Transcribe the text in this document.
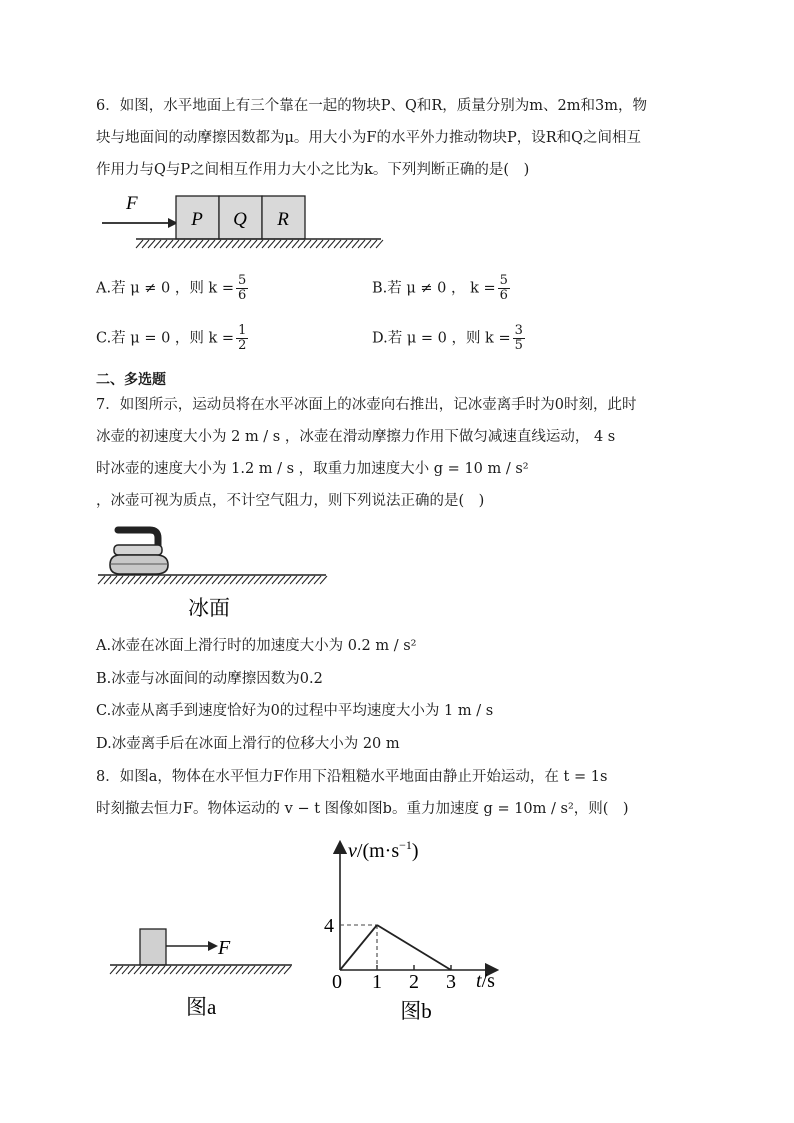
6．如图，水平地面上有三个靠在一起的物块P、Q和R，质量分别为m、2m和3m，物
块与地面间的动摩擦因数都为μ。用大小为F的水平外力推动物块P，设R和Q之间相互
作用力与Q与P之间相互作用力大小之比为k。下列判断正确的是(　)
F
P Q R
A.若 μ ≠ 0 ，则 $k = \frac{5}{6}$	B.若 μ ≠ 0 ， $k = \frac{5}{6}$
C.若 μ = 0 ，则 $k = \frac{1}{2}$	D.若 μ = 0 ，则 $k = \frac{3}{5}$
二、多选题
7．如图所示，运动员将在水平冰面上的冰壶向右推出，记冰壶离手时为0时刻，此时
冰壶的初速度大小为 2 m / s ，冰壶在滑动摩擦力作用下做匀减速直线运动， 4 s
时冰壶的速度大小为 1.2 m / s ，取重力加速度大小 g = 10 m / s²
，冰壶可视为质点，不计空气阻力，则下列说法正确的是(　)
冰面
A.冰壶在冰面上滑行时的加速度大小为 0.2 m / s²
B.冰壶与冰面间的动摩擦因数为0.2
C.冰壶从离手到速度恰好为0的过程中平均速度大小为 1 m / s
D.冰壶离手后在冰面上滑行的位移大小为 20 m
8．如图a，物体在水平恒力F作用下沿粗糙水平地面由静止开始运动，在 t = 1s
时刻撤去恒力F。物体运动的 v − t 图像如图b。重力加速度 g = 10m / s²，则(　)
F
图a
$v/(m\cdot s^{-1})$
t/s
0 1 2 3
4
图b
